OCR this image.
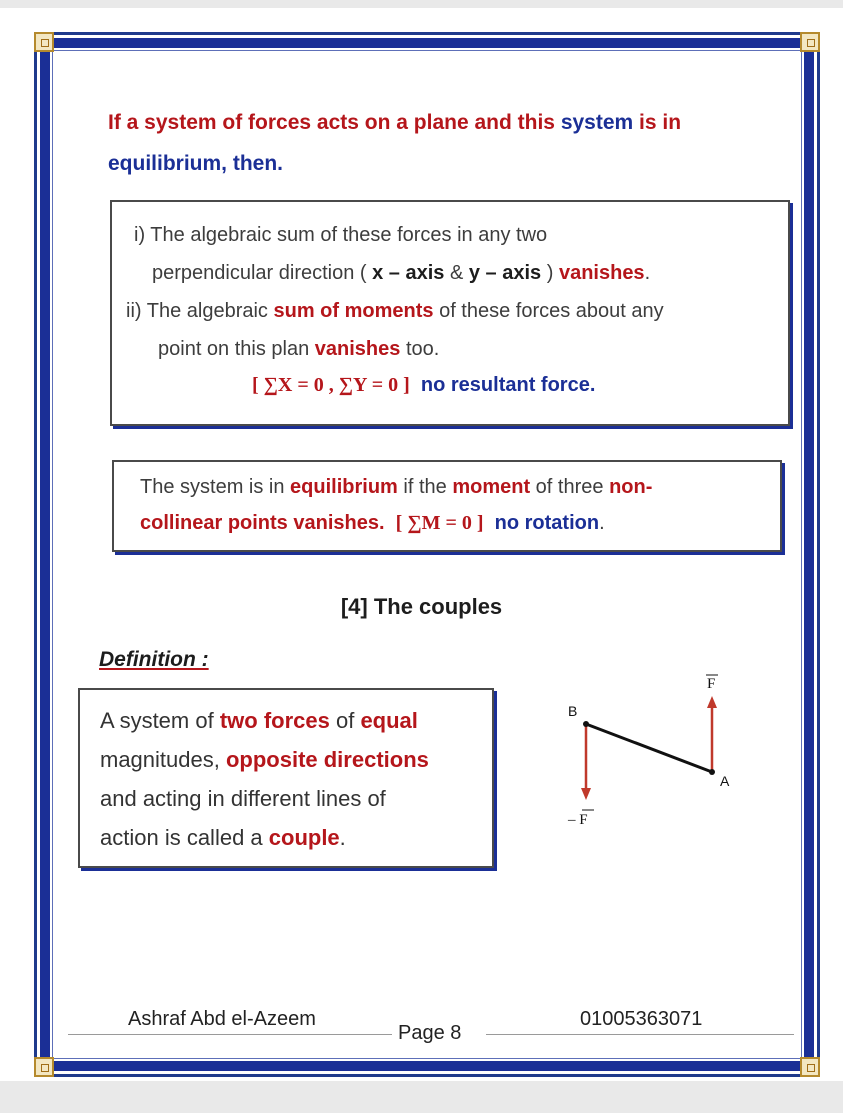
If a system of forces acts on a plane and this system is in
equilibrium, then.
i) The algebraic sum of these forces in any two
perpendicular direction ( x – axis & y – axis ) vanishes.
ii) The algebraic sum of moments of these forces about any
point on this plan vanishes too.
[ ∑X = 0 , ∑Y = 0 ] no resultant force.
The system is in equilibrium if the moment of three non-
collinear points vanishes. [ ∑M = 0 ] no rotation.
[4] The couples
Definition :
A system of two forces of equal
magnitudes, opposite directions
and acting in different lines of
action is called a couple.
B
A
F
– F
Ashraf Abd el-Azeem
Page 8
01005363071
